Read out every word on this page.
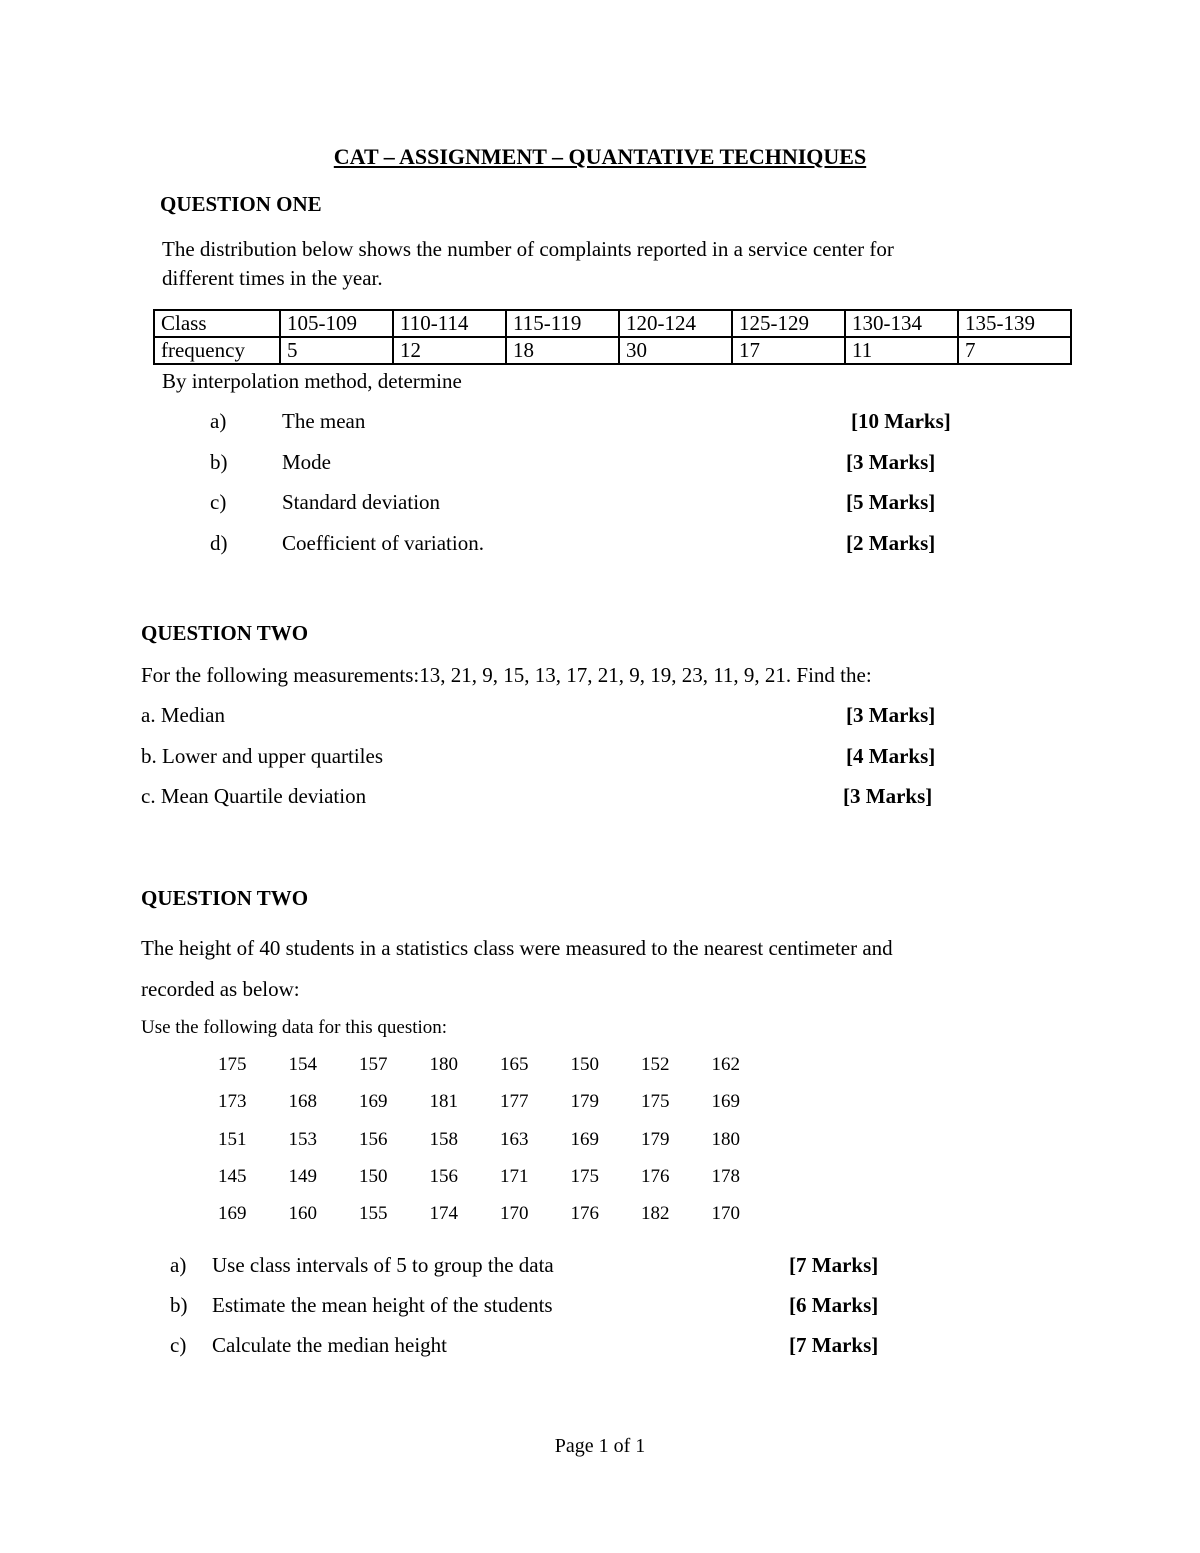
CAT – ASSIGNMENT – QUANTATIVE TECHNIQUES
QUESTION ONE
The distribution below shows the number of complaints reported in a service center for
different times in the year.
Class	105-109	110-114	115-119	120-124	125-129	130-134	135-139
frequency	5	12	18	30	17	11	7
By interpolation method, determine
a)	The mean	[10 Marks]
b)	Mode	[3 Marks]
c)	Standard deviation	[5 Marks]
d)	Coefficient of variation.	[2 Marks]
QUESTION TWO
For the following measurements:13, 21, 9, 15, 13, 17, 21, 9, 19, 23, 11, 9, 21. Find the:
a. Median	[3 Marks]
b. Lower and upper quartiles	[4 Marks]
c. Mean Quartile deviation	[3 Marks]
QUESTION TWO
The height of 40 students in a statistics class were measured to the nearest centimeter and
recorded as below:
Use the following data for this question:
175	154	157	180	165	150	152	162
173	168	169	181	177	179	175	169
151	153	156	158	163	169	179	180
145	149	150	156	171	175	176	178
169	160	155	174	170	176	182	170
a) Use class intervals of 5 to group the data	[7 Marks]
b) Estimate the mean height of the students	[6 Marks]
c) Calculate the median height	[7 Marks]
Page 1 of 1
